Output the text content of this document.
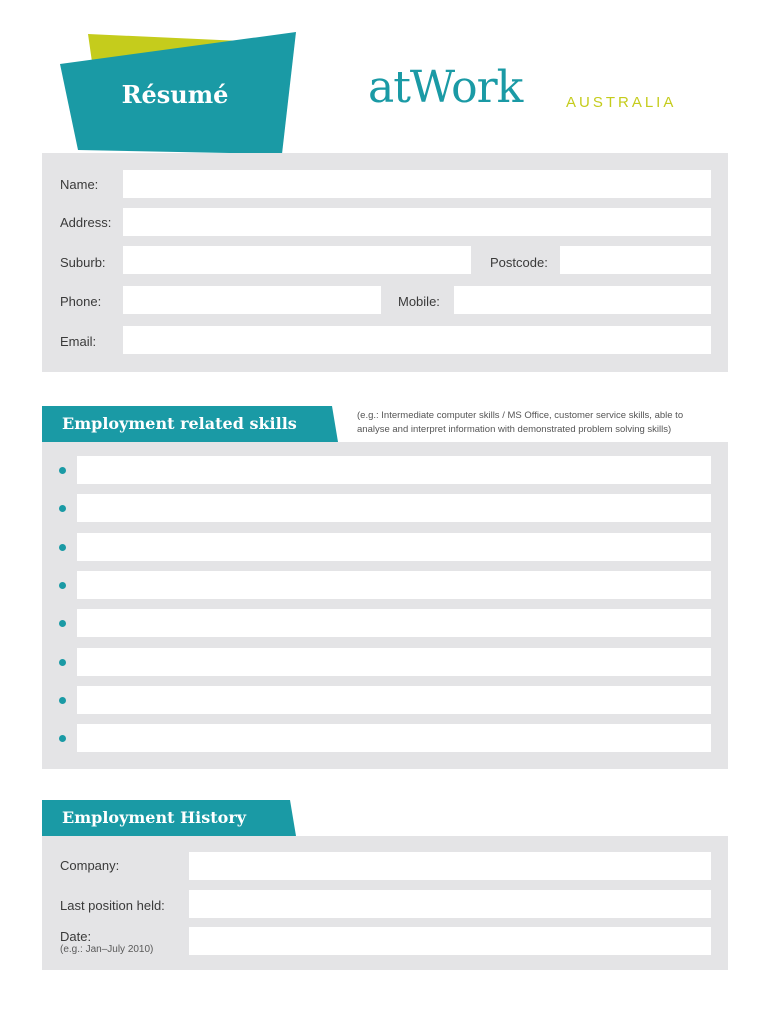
Résumé	atWork	AUSTRALIA
Name:
Address:
Suburb:	Postcode:
Phone:	Mobile:
Email:
Employment related skills	(e.g.: Intermediate computer skills / MS Office, customer service skills, able to analyse and interpret information with demonstrated problem solving skills)
Employment History
Company:
Last position held:
Date:
(e.g.: Jan–July 2010)
